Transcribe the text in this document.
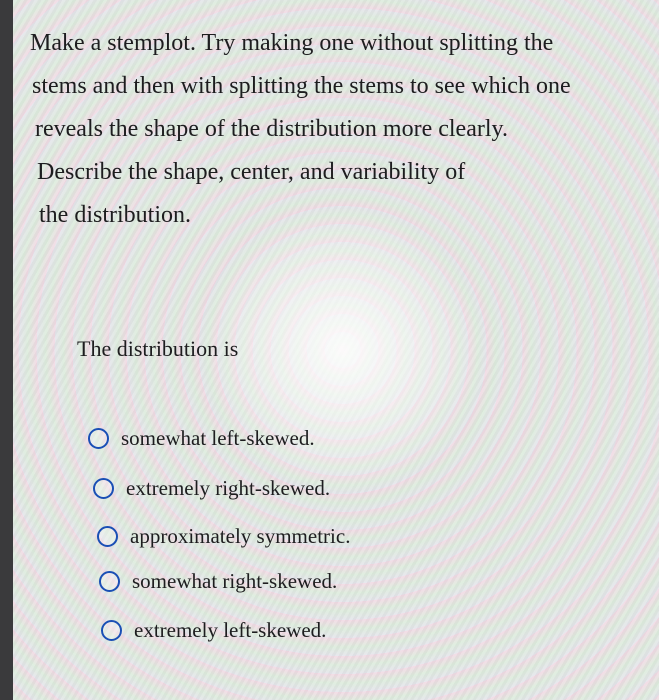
Make a stemplot. Try making one without splitting the
stems and then with splitting the stems to see which one
reveals the shape of the distribution more clearly.
Describe the shape, center, and variability of
the distribution.

The distribution is

somewhat left-skewed.
extremely right-skewed.
approximately symmetric.
somewhat right-skewed.
extremely left-skewed.
